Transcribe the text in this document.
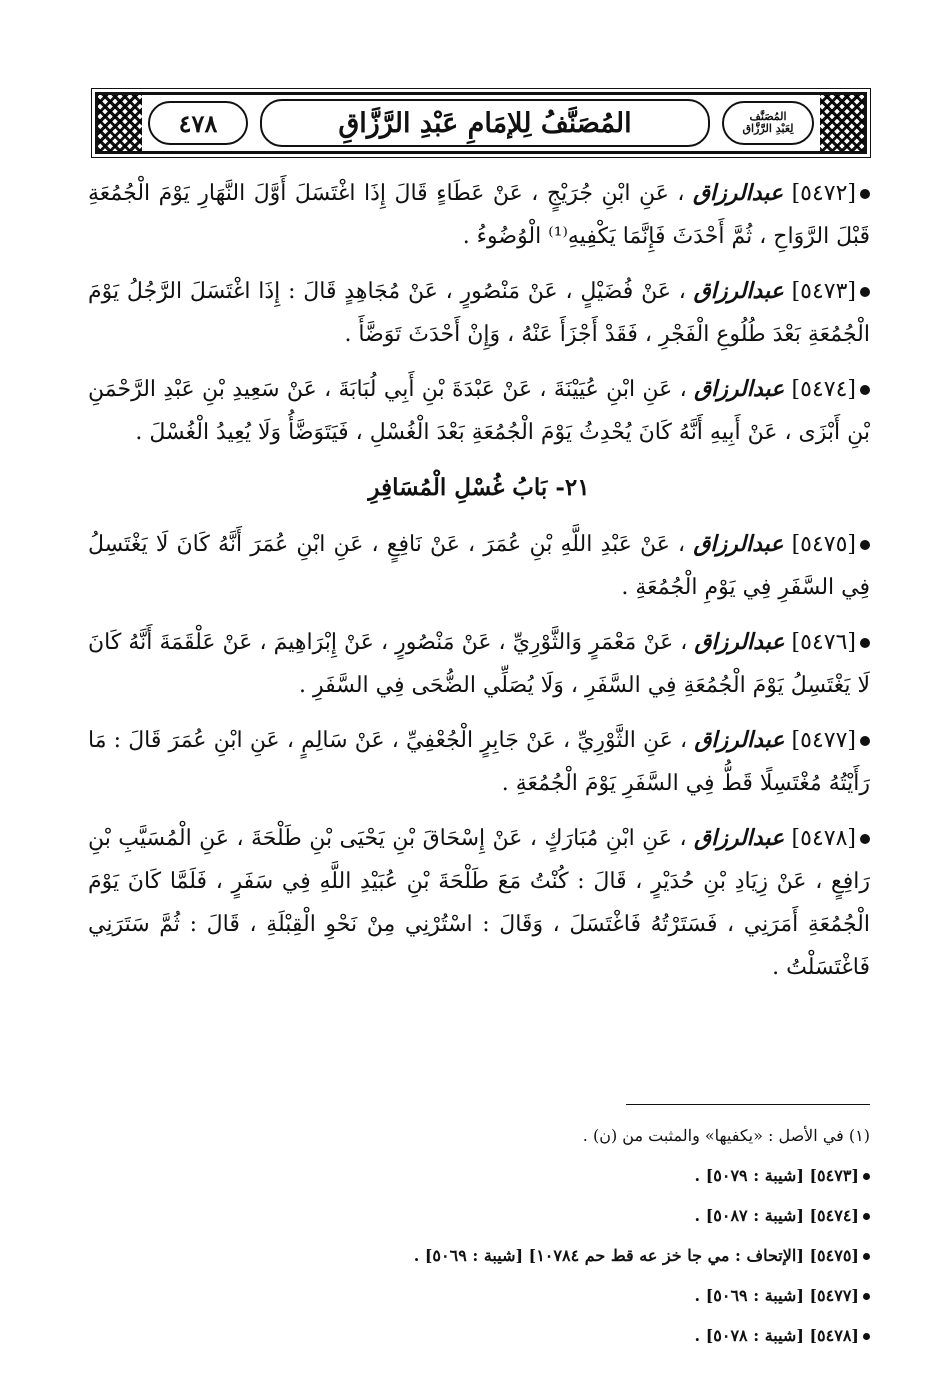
٤٧٨	المُصَنَّفُ لِلإمَامِ عَبْدِ الرَّزَّاقِ	المُصَنَّف
لِعَبْدِ الرَّزَّاق

[٥٤٧٢] عبدالرزاق ، عَنِ ابْنِ جُرَيْجٍ ، عَنْ عَطَاءٍ قَالَ إِذَا اغْتَسَلَ أَوَّلَ النَّهَارِ يَوْمَ الْجُمُعَةِ قَبْلَ الرَّوَاحِ ، ثُمَّ أَحْدَثَ فَإِنَّمَا يَكْفِيهِ⁽¹⁾ الْوُضُوءُ .

[٥٤٧٣] عبدالرزاق ، عَنْ فُضَيْلٍ ، عَنْ مَنْصُورٍ ، عَنْ مُجَاهِدٍ قَالَ : إِذَا اغْتَسَلَ الرَّجُلُ يَوْمَ الْجُمُعَةِ بَعْدَ طُلُوعِ الْفَجْرِ ، فَقَدْ أَجْزَأَ عَنْهُ ، وَإِنْ أَحْدَثَ تَوَضَّأَ .

[٥٤٧٤] عبدالرزاق ، عَنِ ابْنِ عُيَيْنَةَ ، عَنْ عَبْدَةَ بْنِ أَبِي لُبَابَةَ ، عَنْ سَعِيدِ بْنِ عَبْدِ الرَّحْمَنِ بْنِ أَبْزَى ، عَنْ أَبِيهِ أَنَّهُ كَانَ يُحْدِثُ يَوْمَ الْجُمُعَةِ بَعْدَ الْغُسْلِ ، فَيَتَوَضَّأُ وَلَا يُعِيدُ الْغُسْلَ .

٢١- بَابُ غُسْلِ الْمُسَافِرِ

[٥٤٧٥] عبدالرزاق ، عَنْ عَبْدِ اللَّهِ بْنِ عُمَرَ ، عَنْ نَافِعٍ ، عَنِ ابْنِ عُمَرَ أَنَّهُ كَانَ لَا يَغْتَسِلُ فِي السَّفَرِ فِي يَوْمِ الْجُمُعَةِ .

[٥٤٧٦] عبدالرزاق ، عَنْ مَعْمَرٍ وَالثَّوْرِيِّ ، عَنْ مَنْصُورٍ ، عَنْ إِبْرَاهِيمَ ، عَنْ عَلْقَمَةَ أَنَّهُ كَانَ لَا يَغْتَسِلُ يَوْمَ الْجُمُعَةِ فِي السَّفَرِ ، وَلَا يُصَلِّي الضُّحَى فِي السَّفَرِ .

[٥٤٧٧] عبدالرزاق ، عَنِ الثَّوْرِيِّ ، عَنْ جَابِرٍ الْجُعْفِيِّ ، عَنْ سَالِمٍ ، عَنِ ابْنِ عُمَرَ قَالَ : مَا رَأَيْتُهُ مُغْتَسِلًا قَطُّ فِي السَّفَرِ يَوْمَ الْجُمُعَةِ .

[٥٤٧٨] عبدالرزاق ، عَنِ ابْنِ مُبَارَكٍ ، عَنْ إِسْحَاقَ بْنِ يَحْيَى بْنِ طَلْحَةَ ، عَنِ الْمُسَيَّبِ بْنِ رَافِعٍ ، عَنْ زِيَادِ بْنِ حُدَيْرٍ ، قَالَ : كُنْتُ مَعَ طَلْحَةَ بْنِ عُبَيْدِ اللَّهِ فِي سَفَرٍ ، فَلَمَّا كَانَ يَوْمَ الْجُمُعَةِ أَمَرَنِي ، فَسَتَرْتُهُ فَاغْتَسَلَ ، وَقَالَ : اسْتُرْنِي مِنْ نَحْوِ الْقِبْلَةِ ، قَالَ : ثُمَّ سَتَرَنِي فَاغْتَسَلْتُ .

(١) في الأصل : «يكفيها» والمثبت من (ن) .
[٥٤٧٣] [شيبة : ٥٠٧٩] .
[٥٤٧٤] [شيبة : ٥٠٨٧] .
[٥٤٧٥] [الإتحاف : مي جا خز عه قط حم ١٠٧٨٤] [شيبة : ٥٠٦٩] .
[٥٤٧٧] [شيبة : ٥٠٦٩] .
[٥٤٧٨] [شيبة : ٥٠٧٨] .
